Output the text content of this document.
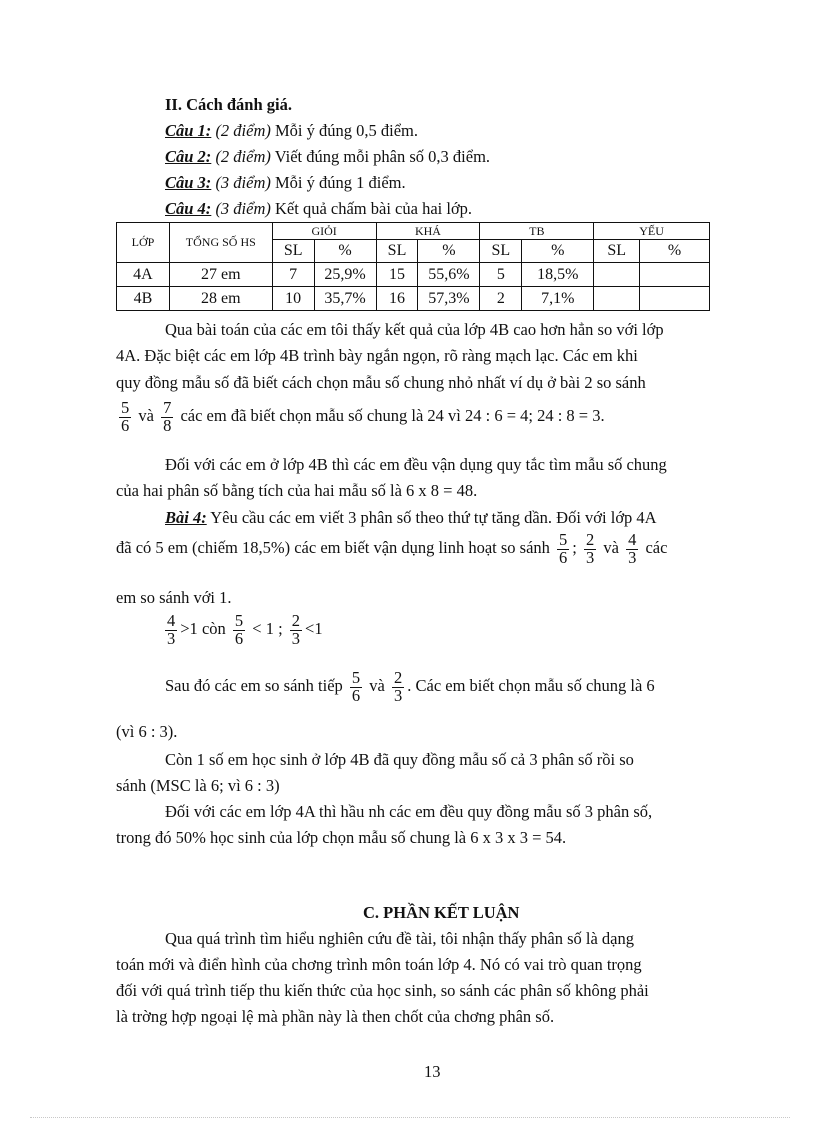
II. Cách đánh giá.
Câu 1: (2 điểm) Mỗi ý đúng 0,5 điểm.
Câu 2: (2 điểm) Viết đúng mỗi phân số 0,3 điểm.
Câu 3: (3 điểm) Mỗi ý đúng 1 điểm.
Câu 4: (3 điểm) Kết quả chấm bài của hai lớp.
LỚP	TỔNG SỐ HS	GIỎI		KHÁ		TB		YẾU	
		SL	%	SL	%	SL	%	SL	%
4A	27 em	7	25,9%	15	55,6%	5	18,5%		
4B	28 em	10	35,7%	16	57,3%	2	7,1%		
Qua bài toán của các em tôi thấy kết quả của lớp 4B cao hơn hẳn so với lớp
4A. Đặc biệt các em lớp 4B trình bày ngắn ngọn, rõ ràng mạch lạc. Các em khi
quy đồng mẫu số đã biết cách chọn mẫu số chung nhỏ nhất ví dụ ở bài 2 so sánh
$\frac{5}{6}$ và $\frac{7}{8}$ các em đã biết chọn mẫu số chung là 24 vì 24 : 6 = 4; 24 : 8 = 3.
Đối với các em ở lớp 4B thì các em đều vận dụng quy tắc tìm mẫu số chung
của hai phân số bằng tích của hai mẫu số là 6 x 8 = 48.
Bài 4: Yêu cầu các em viết 3 phân số theo thứ tự tăng dần. Đối với lớp 4A
đã có 5 em (chiếm 18,5%) các em biết vận dụng linh hoạt so sánh $\frac{5}{6}$ ; $\frac{2}{3}$ và $\frac{4}{3}$ các
em so sánh với 1.
$\frac{4}{3} >1$ còn $\frac{5}{6} < 1$ ; $\frac{2}{3} <1$
Sau đó các em so sánh tiếp $\frac{5}{6}$ và $\frac{2}{3}$ . Các em biết chọn mẫu số chung là 6
(vì 6 : 3).
Còn 1 số em học sinh ở lớp 4B đã quy đồng mẫu số cả 3 phân số rồi so
sánh (MSC là 6; vì 6 : 3)
Đối với các em lớp 4A thì hầu nh các em đều quy đồng mẫu số 3 phân số,
trong đó 50% học sinh của lớp chọn mẫu số chung là 6 x 3 x 3 = 54.
C. PHẦN KẾT LUẬN
Qua quá trình tìm hiểu nghiên cứu đề tài, tôi nhận thấy phân số là dạng
toán mới và điển hình của chơng trình môn toán lớp 4. Nó có vai trò quan trọng
đối với quá trình tiếp thu kiến thức của học sinh, so sánh các phân số không phải
là trờng hợp ngoại lệ mà phần này là then chốt của chơng phân số.
13
